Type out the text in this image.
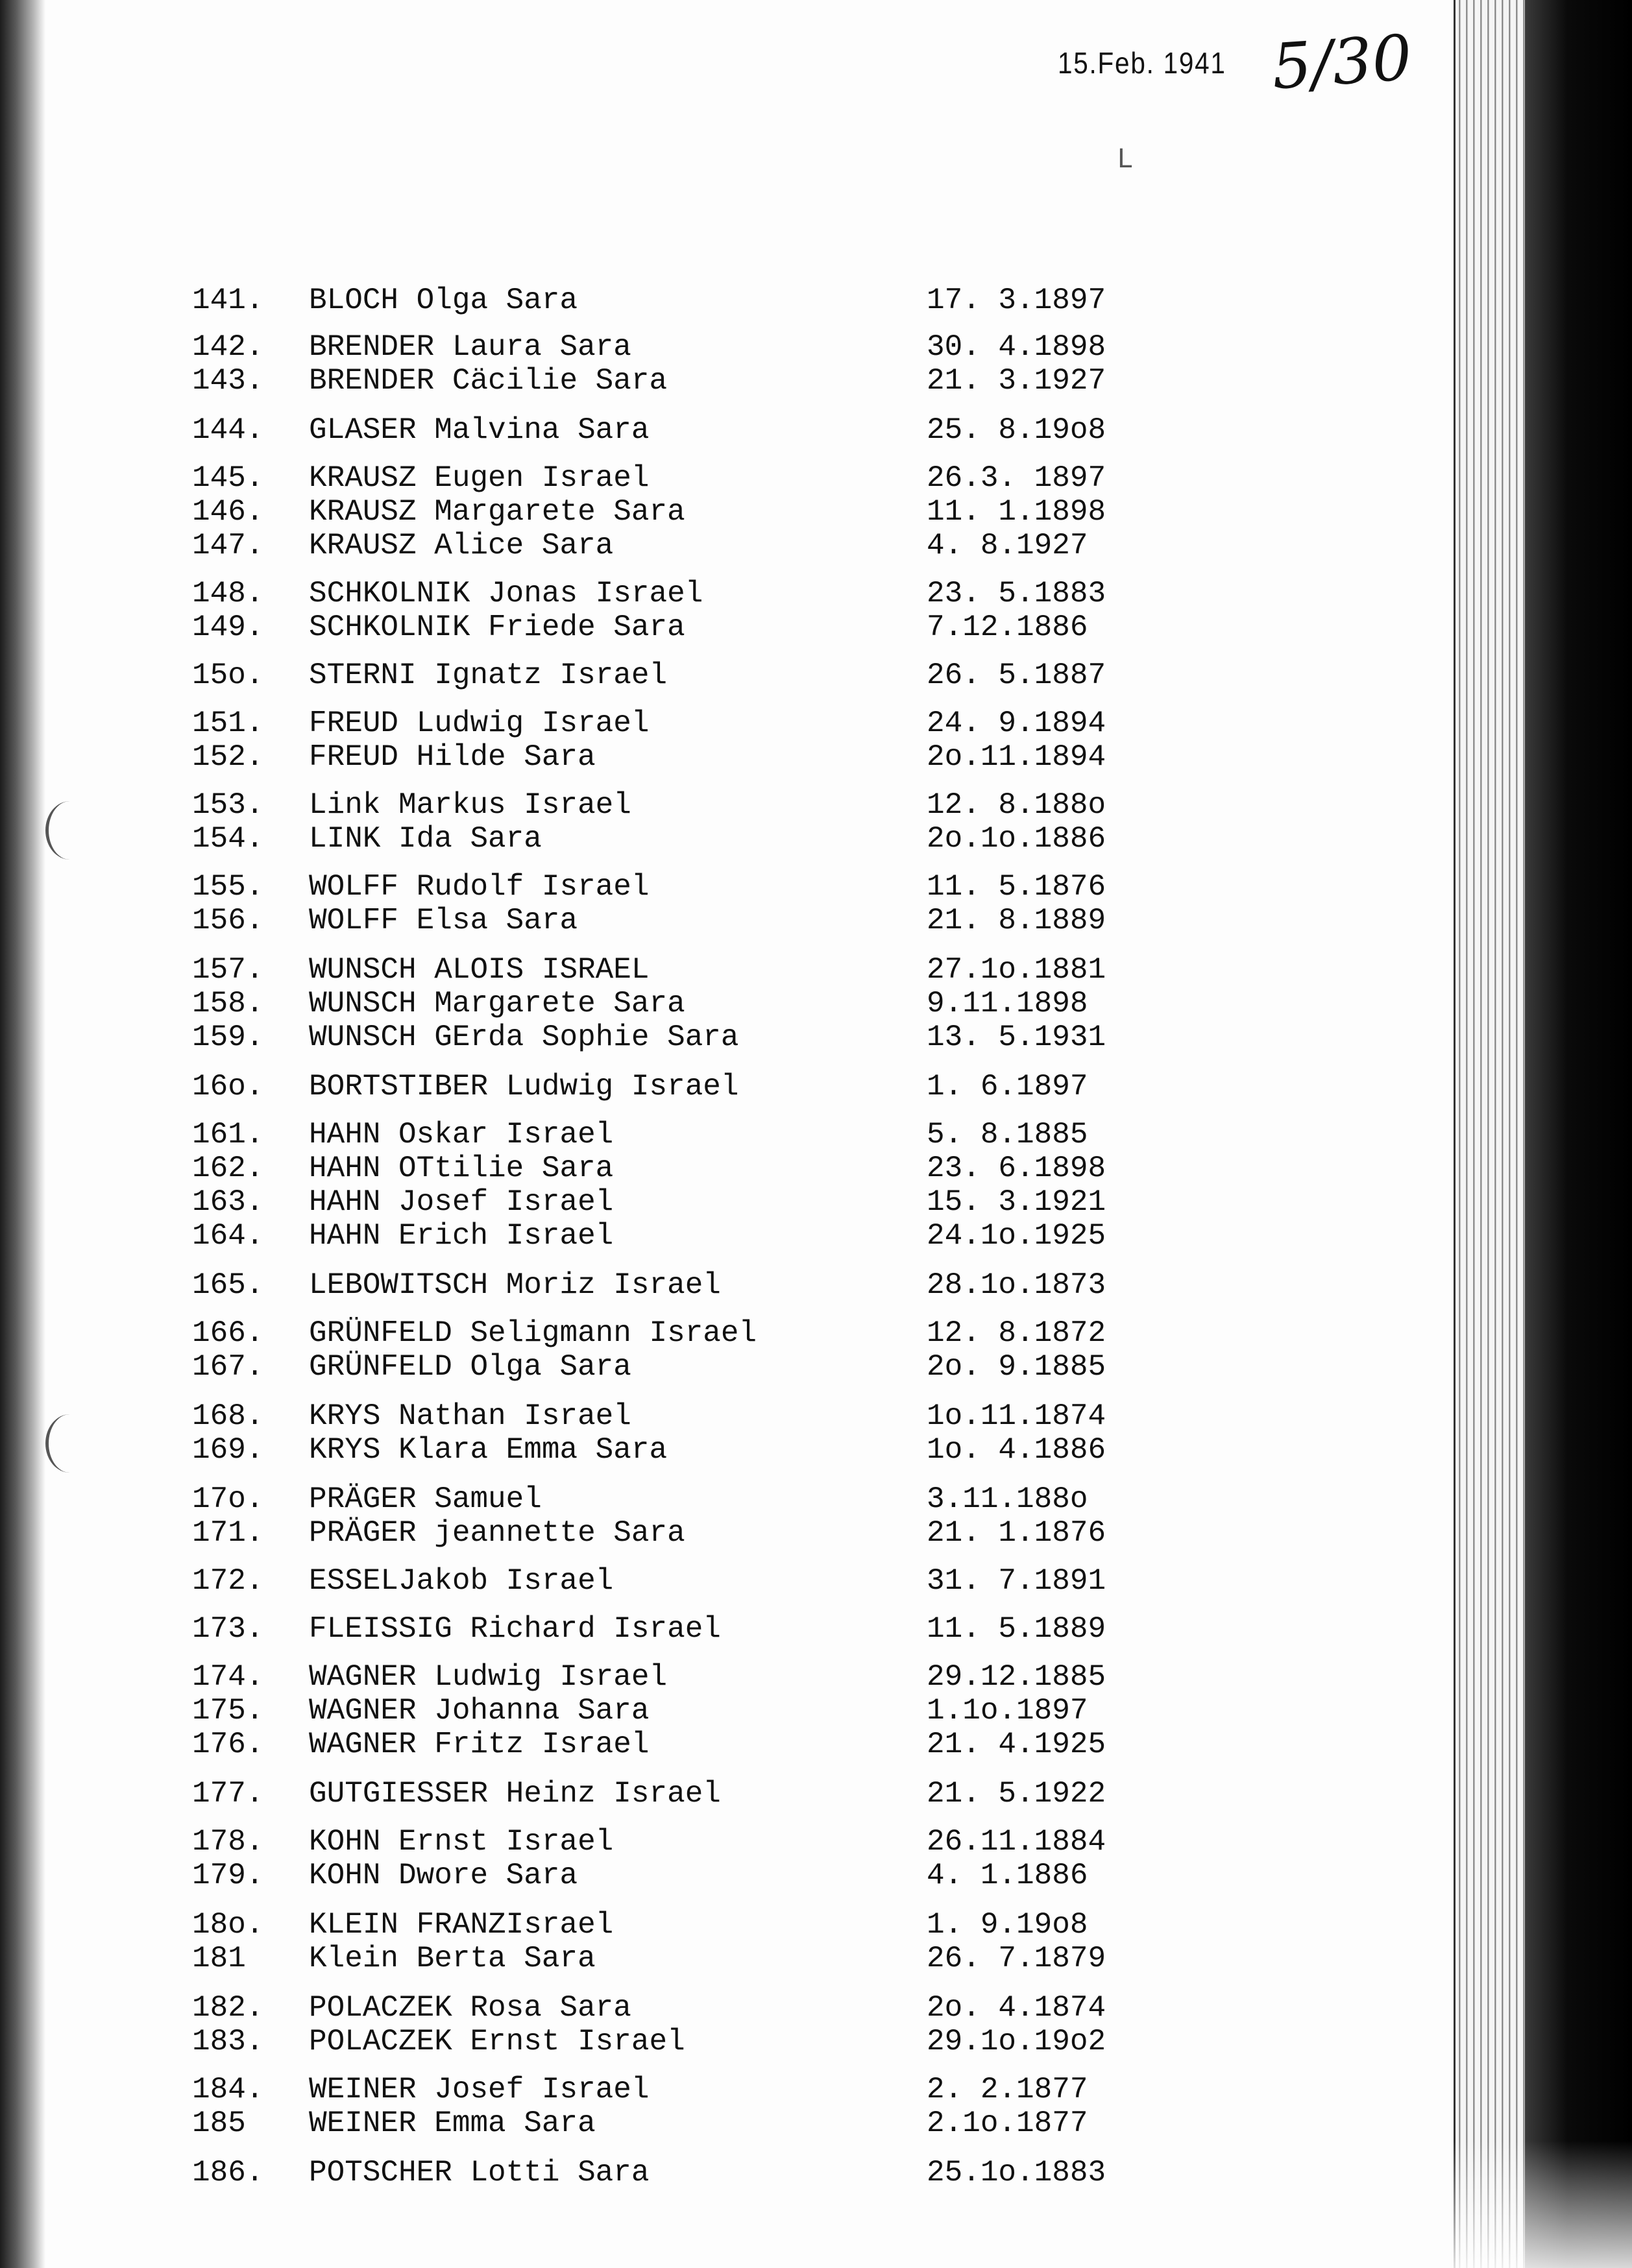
15.Feb. 1941 5/30
L
141. BLOCH Olga Sara	17. 3.1897
142. BRENDER Laura Sara	30. 4.1898
143. BRENDER Cäcilie Sara	21. 3.1927
144. GLASER Malvina Sara	25. 8.19o8
145. KRAUSZ Eugen Israel	26.3. 1897
146. KRAUSZ Margarete Sara	11. 1.1898
147. KRAUSZ Alice Sara	4. 8.1927
148. SCHKOLNIK Jonas Israel	23. 5.1883
149. SCHKOLNIK Friede Sara	7.12.1886
15o. STERNI Ignatz Israel	26. 5.1887
151. FREUD Ludwig Israel	24. 9.1894
152. FREUD Hilde Sara	2o.11.1894
153. Link Markus Israel	12. 8.188o
154. LINK Ida Sara	2o.1o.1886
155. WOLFF Rudolf Israel	11. 5.1876
156. WOLFF Elsa Sara	21. 8.1889
157. WUNSCH ALOIS ISRAEL	27.1o.1881
158. WUNSCH Margarete Sara	9.11.1898
159. WUNSCH GErda Sophie Sara	13. 5.1931
16o. BORTSTIBER Ludwig Israel	1. 6.1897
161. HAHN Oskar Israel	5. 8.1885
162. HAHN OTtilie Sara	23. 6.1898
163. HAHN Josef Israel	15. 3.1921
164. HAHN Erich Israel	24.1o.1925
165. LEBOWITSCH Moriz Israel	28.1o.1873
166. GRÜNFELD Seligmann Israel	12. 8.1872
167. GRÜNFELD Olga Sara	2o. 9.1885
168. KRYS Nathan Israel	1o.11.1874
169. KRYS Klara Emma Sara	1o. 4.1886
17o. PRÄGER Samuel	3.11.188o
171. PRÄGER jeannette Sara	21. 1.1876
172. ESSELJakob Israel	31. 7.1891
173. FLEISSIG Richard Israel	11. 5.1889
174. WAGNER Ludwig Israel	29.12.1885
175. WAGNER Johanna Sara	1.1o.1897
176. WAGNER Fritz Israel	21. 4.1925
177. GUTGIESSER Heinz Israel	21. 5.1922
178. KOHN Ernst Israel	26.11.1884
179. KOHN Dwore Sara	4. 1.1886
18o. KLEIN FRANZIsrael	1. 9.19o8
181 Klein Berta Sara	26. 7.1879
182. POLACZEK Rosa Sara	2o. 4.1874
183. POLACZEK Ernst Israel	29.1o.19o2
184. WEINER Josef Israel	2. 2.1877
185 WEINER Emma Sara	2.1o.1877
186. POTSCHER Lotti Sara	25.1o.1883
